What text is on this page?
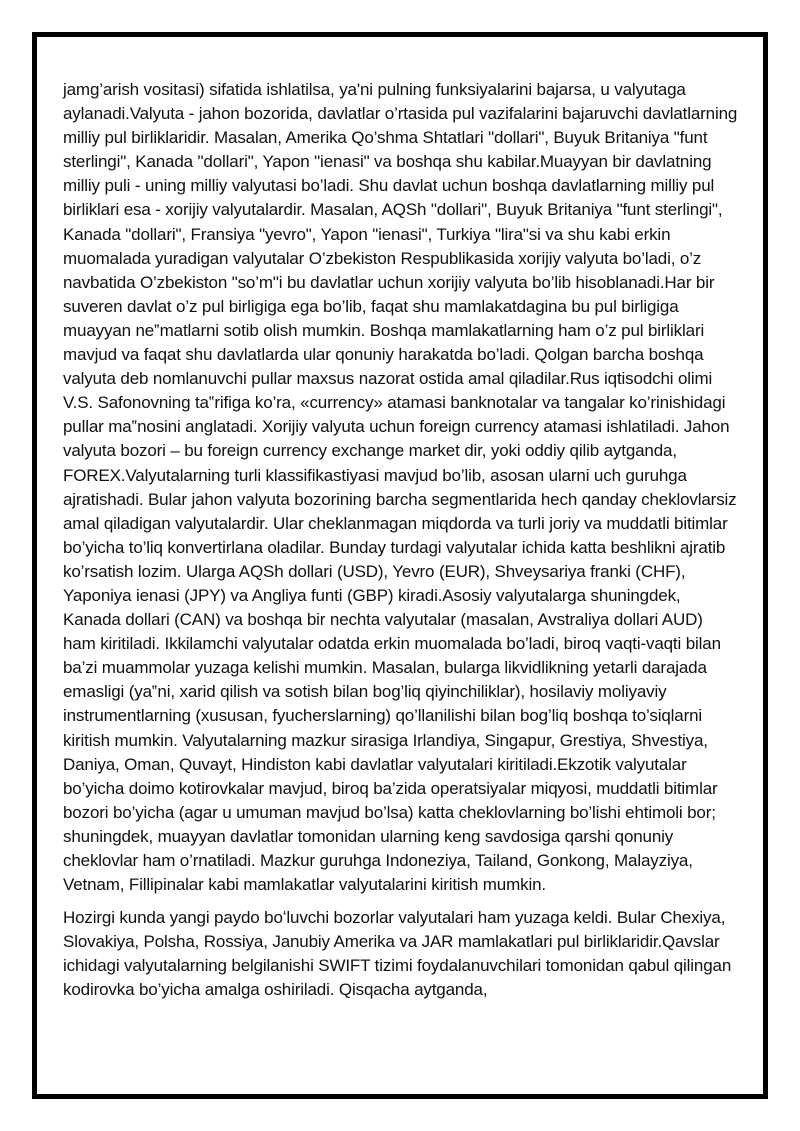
jamg’arish vositasi) sifatida ishlatilsa, ya'ni pulning funksiyalarini bajarsa, u valyutaga aylanadi.Valyuta - jahon bozorida, davlatlar o’rtasida pul vazifalarini bajaruvchi davlatlarning milliy pul birliklaridir. Masalan, Amerika Qo’shma Shtatlari "dollari", Buyuk Britaniya "funt sterlingi", Kanada "dollari", Yapon "ienasi" va boshqa shu kabilar.Muayyan bir davlatning milliy puli - uning milliy valyutasi bo’ladi. Shu davlat uchun boshqa davlatlarning milliy pul birliklari esa - xorijiy valyutalardir. Masalan, AQSh "dollari", Buyuk Britaniya "funt sterlingi", Kanada "dollari", Fransiya "yevro", Yapon "ienasi", Turkiya "lira"si va shu kabi erkin muomalada yuradigan valyutalar O’zbekiston Respublikasida xorijiy valyuta bo’ladi, o’z navbatida O’zbekiston "so’m"i bu davlatlar uchun xorijiy valyuta bo’lib hisoblanadi.Har bir suveren davlat o’z pul birligiga ega bo’lib, faqat shu mamlakatdagina bu pul birligiga muayyan ne‟matlarni sotib olish mumkin. Boshqa mamlakatlarning ham o’z pul birliklari mavjud va faqat shu davlatlarda ular qonuniy harakatda bo’ladi. Qolgan barcha boshqa valyuta deb nomlanuvchi pullar maxsus nazorat ostida amal qiladilar.Rus iqtisodchi olimi V.S. Safonovning ta‟rifiga ko’ra, «currency» atamasi banknotalar va tangalar ko’rinishidagi pullar ma‟nosini anglatadi. Xorijiy valyuta uchun foreign currency atamasi ishlatiladi. Jahon valyuta bozori – bu foreign currency exchange market dir, yoki oddiy qilib aytganda, FOREX.Valyutalarning turli klassifikastiyasi mavjud bo’lib, asosan ularni uch guruhga ajratishadi. Bular jahon valyuta bozorining barcha segmentlarida hech qanday cheklovlarsiz amal qiladigan valyutalardir. Ular cheklanmagan miqdorda va turli joriy va muddatli bitimlar bo’yicha to’liq konvertirlana oladilar. Bunday turdagi valyutalar ichida katta beshlikni ajratib ko’rsatish lozim. Ularga AQSh dollari (USD), Yevro (EUR), Shveysariya franki (CHF), Yaponiya ienasi (JPY) va Angliya funti (GBP) kiradi.Asosiy valyutalarga shuningdek, Kanada dollari (CAN) va boshqa bir nechta valyutalar (masalan, Avstraliya dollari AUD) ham kiritiladi. Ikkilamchi valyutalar odatda erkin muomalada bo’ladi, biroq vaqti-vaqti bilan ba’zi muammolar yuzaga kelishi mumkin. Masalan, bularga likvidlikning yetarli darajada emasligi (ya‟ni, xarid qilish va sotish bilan bog’liq qiyinchiliklar), hosilaviy moliyaviy instrumentlarning (xususan, fyucherslarning) qo’llanilishi bilan bog’liq boshqa to’siqlarni kiritish mumkin. Valyutalarning mazkur sirasiga Irlandiya, Singapur, Grestiya, Shvestiya, Daniya, Oman, Quvayt, Hindiston kabi davlatlar valyutalari kiritiladi.Ekzotik valyutalar bo’yicha doimo kotirovkalar mavjud, biroq ba’zida operatsiyalar miqyosi, muddatli bitimlar bozori bo’yicha (agar u umuman mavjud bo’lsa) katta cheklovlarning bo’lishi ehtimoli bor; shuningdek, muayyan davlatlar tomonidan ularning keng savdosiga qarshi qonuniy cheklovlar ham o’rnatiladi. Mazkur guruhga Indoneziya, Tailand, Gonkong, Malayziya, Vetnam, Fillipinalar kabi mamlakatlar valyutalarini kiritish mumkin.

Hozirgi kunda yangi paydo boʻluvchi bozorlar valyutalari ham yuzaga keldi. Bular Chexiya, Slovakiya, Polsha, Rossiya, Janubiy Amerika va JAR mamlakatlari pul birliklaridir.Qavslar ichidagi valyutalarning belgilanishi SWIFT tizimi foydalanuvchilari tomonidan qabul qilingan kodirovka bo’yicha amalga oshiriladi. Qisqacha aytganda,
